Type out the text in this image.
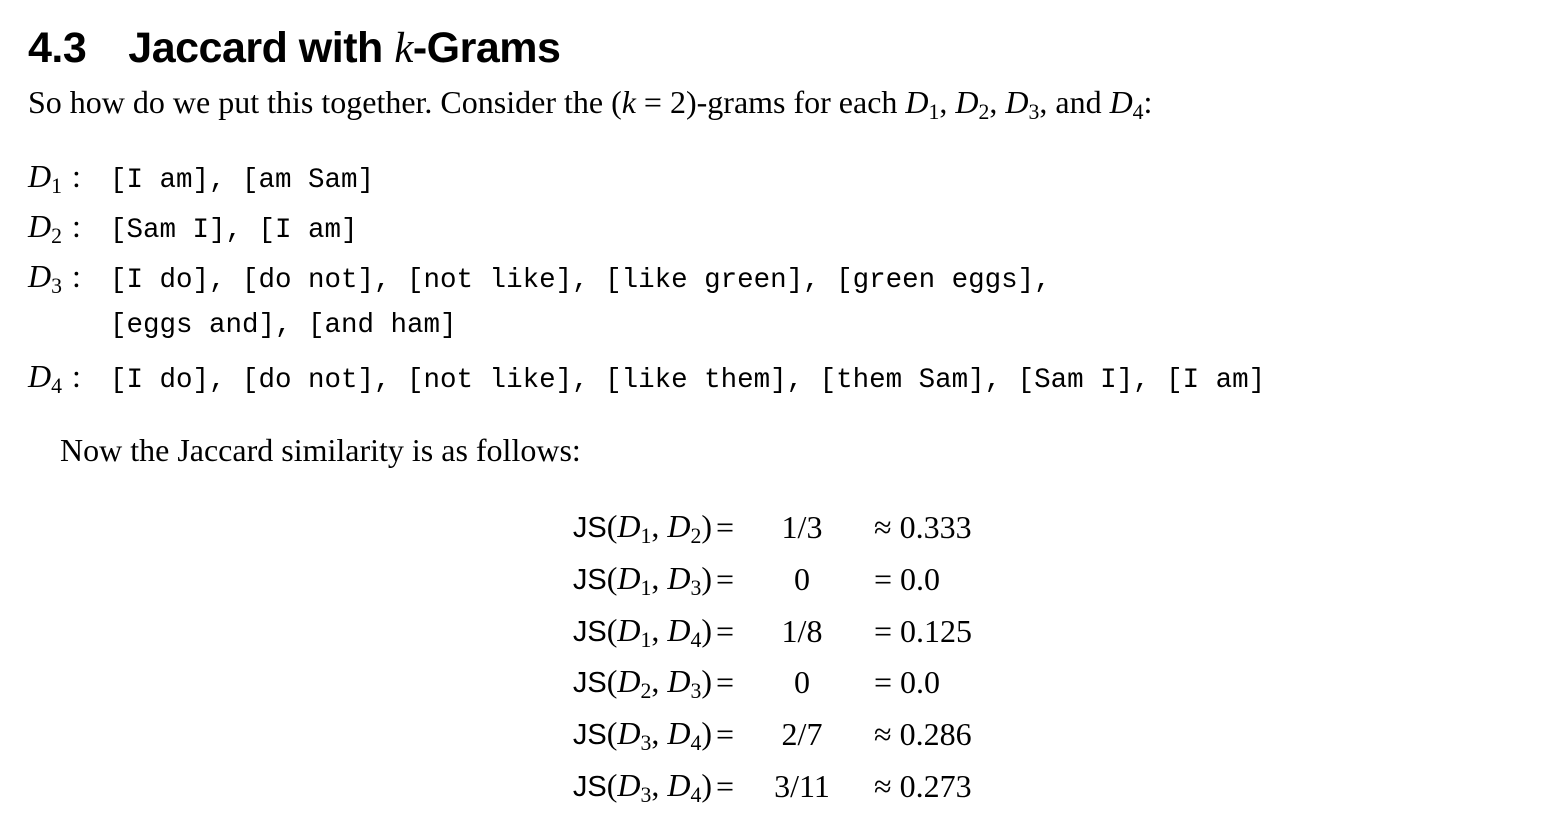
4.3 Jaccard with k-Grams
So how do we put this together. Consider the (k = 2)-grams for each $D_1$, $D_2$, $D_3$, and $D_4$:
$D_1$ : [I am], [am Sam]
$D_2$ : [Sam I], [I am]
$D_3$ : [I do], [do not], [not like], [like green], [green eggs],
[eggs and], [and ham]
$D_4$ : [I do], [do not], [not like], [like them], [them Sam], [Sam I], [I am]
Now the Jaccard similarity is as follows:
$JS(D_1$, $D_2$)	=	1/3	≈ 0.333
$JS(D_1$, $D_3$)	=	0	= 0.0
$JS(D_1$, $D_4$)	=	1/8	= 0.125
$JS(D_2$, $D_3$)	=	0	= 0.0
$JS(D_3$, $D_4$)	=	2/7	≈ 0.286
$JS(D_3$, $D_4$)	=	3/11	≈ 0.273
